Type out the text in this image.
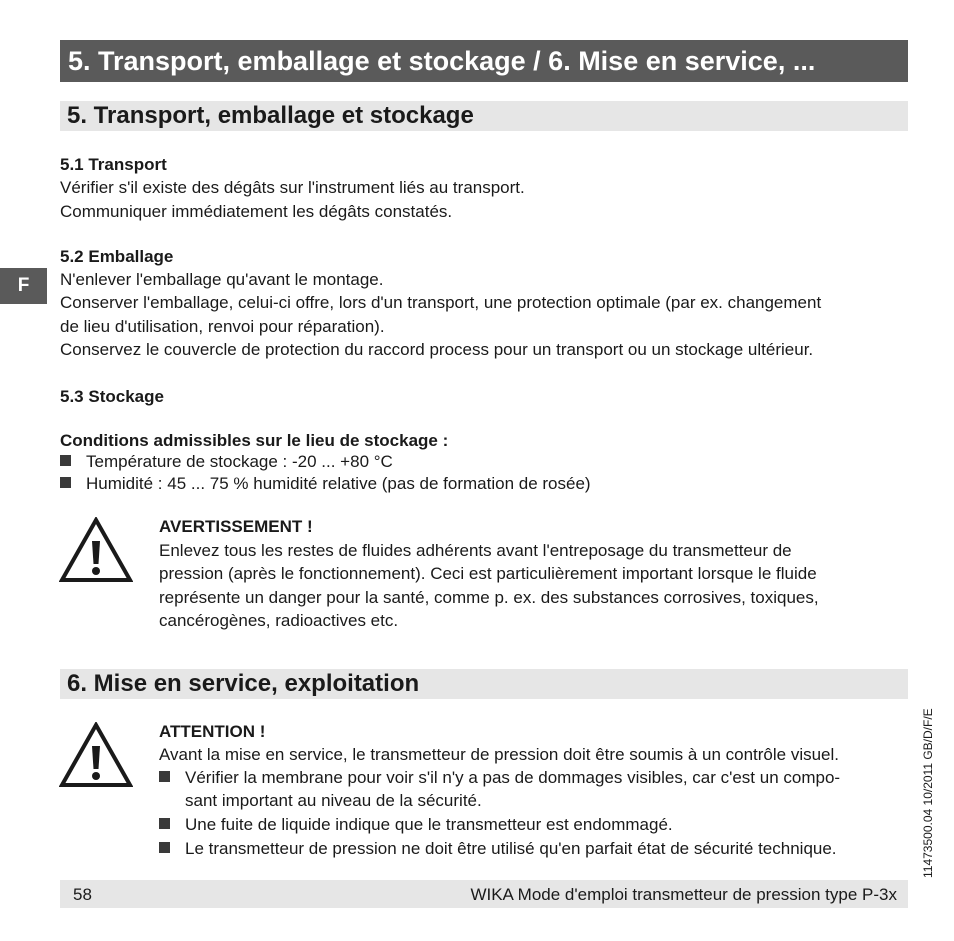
5. Transport, emballage et stockage / 6. Mise en service, ...
5. Transport, emballage et stockage
F
5.1 Transport
Vérifier s'il existe des dégâts sur l'instrument liés au transport.
Communiquer immédiatement les dégâts constatés.
5.2 Emballage
N'enlever l'emballage qu'avant le montage.
Conserver l'emballage, celui-ci offre, lors d'un transport, une protection optimale (par ex. changement
de lieu d'utilisation, renvoi pour réparation).
Conservez le couvercle de protection du raccord process pour un transport ou un stockage ultérieur.
5.3 Stockage
Conditions admissibles sur le lieu de stockage :
Température de stockage : -20 ... +80 °C
Humidité : 45 ... 75 % humidité relative (pas de formation de rosée)
AVERTISSEMENT !
Enlevez tous les restes de fluides adhérents avant l'entreposage du transmetteur de
pression (après le fonctionnement). Ceci est particulièrement important lorsque le fluide
représente un danger pour la santé, comme p. ex. des substances corrosives, toxiques,
cancérogènes, radioactives etc.
6. Mise en service, exploitation
ATTENTION !
Avant la mise en service, le transmetteur de pression doit être soumis à un contrôle visuel.
Vérifier la membrane pour voir s'il n'y a pas de dommages visibles, car c'est un compo-
sant important au niveau de la sécurité.
Une fuite de liquide indique que le transmetteur est endommagé.
Le transmetteur de pression ne doit être utilisé qu'en parfait état de sécurité technique.
58	WIKA Mode d'emploi transmetteur de pression type P-3x
11473500.04 10/2011 GB/D/F/E
